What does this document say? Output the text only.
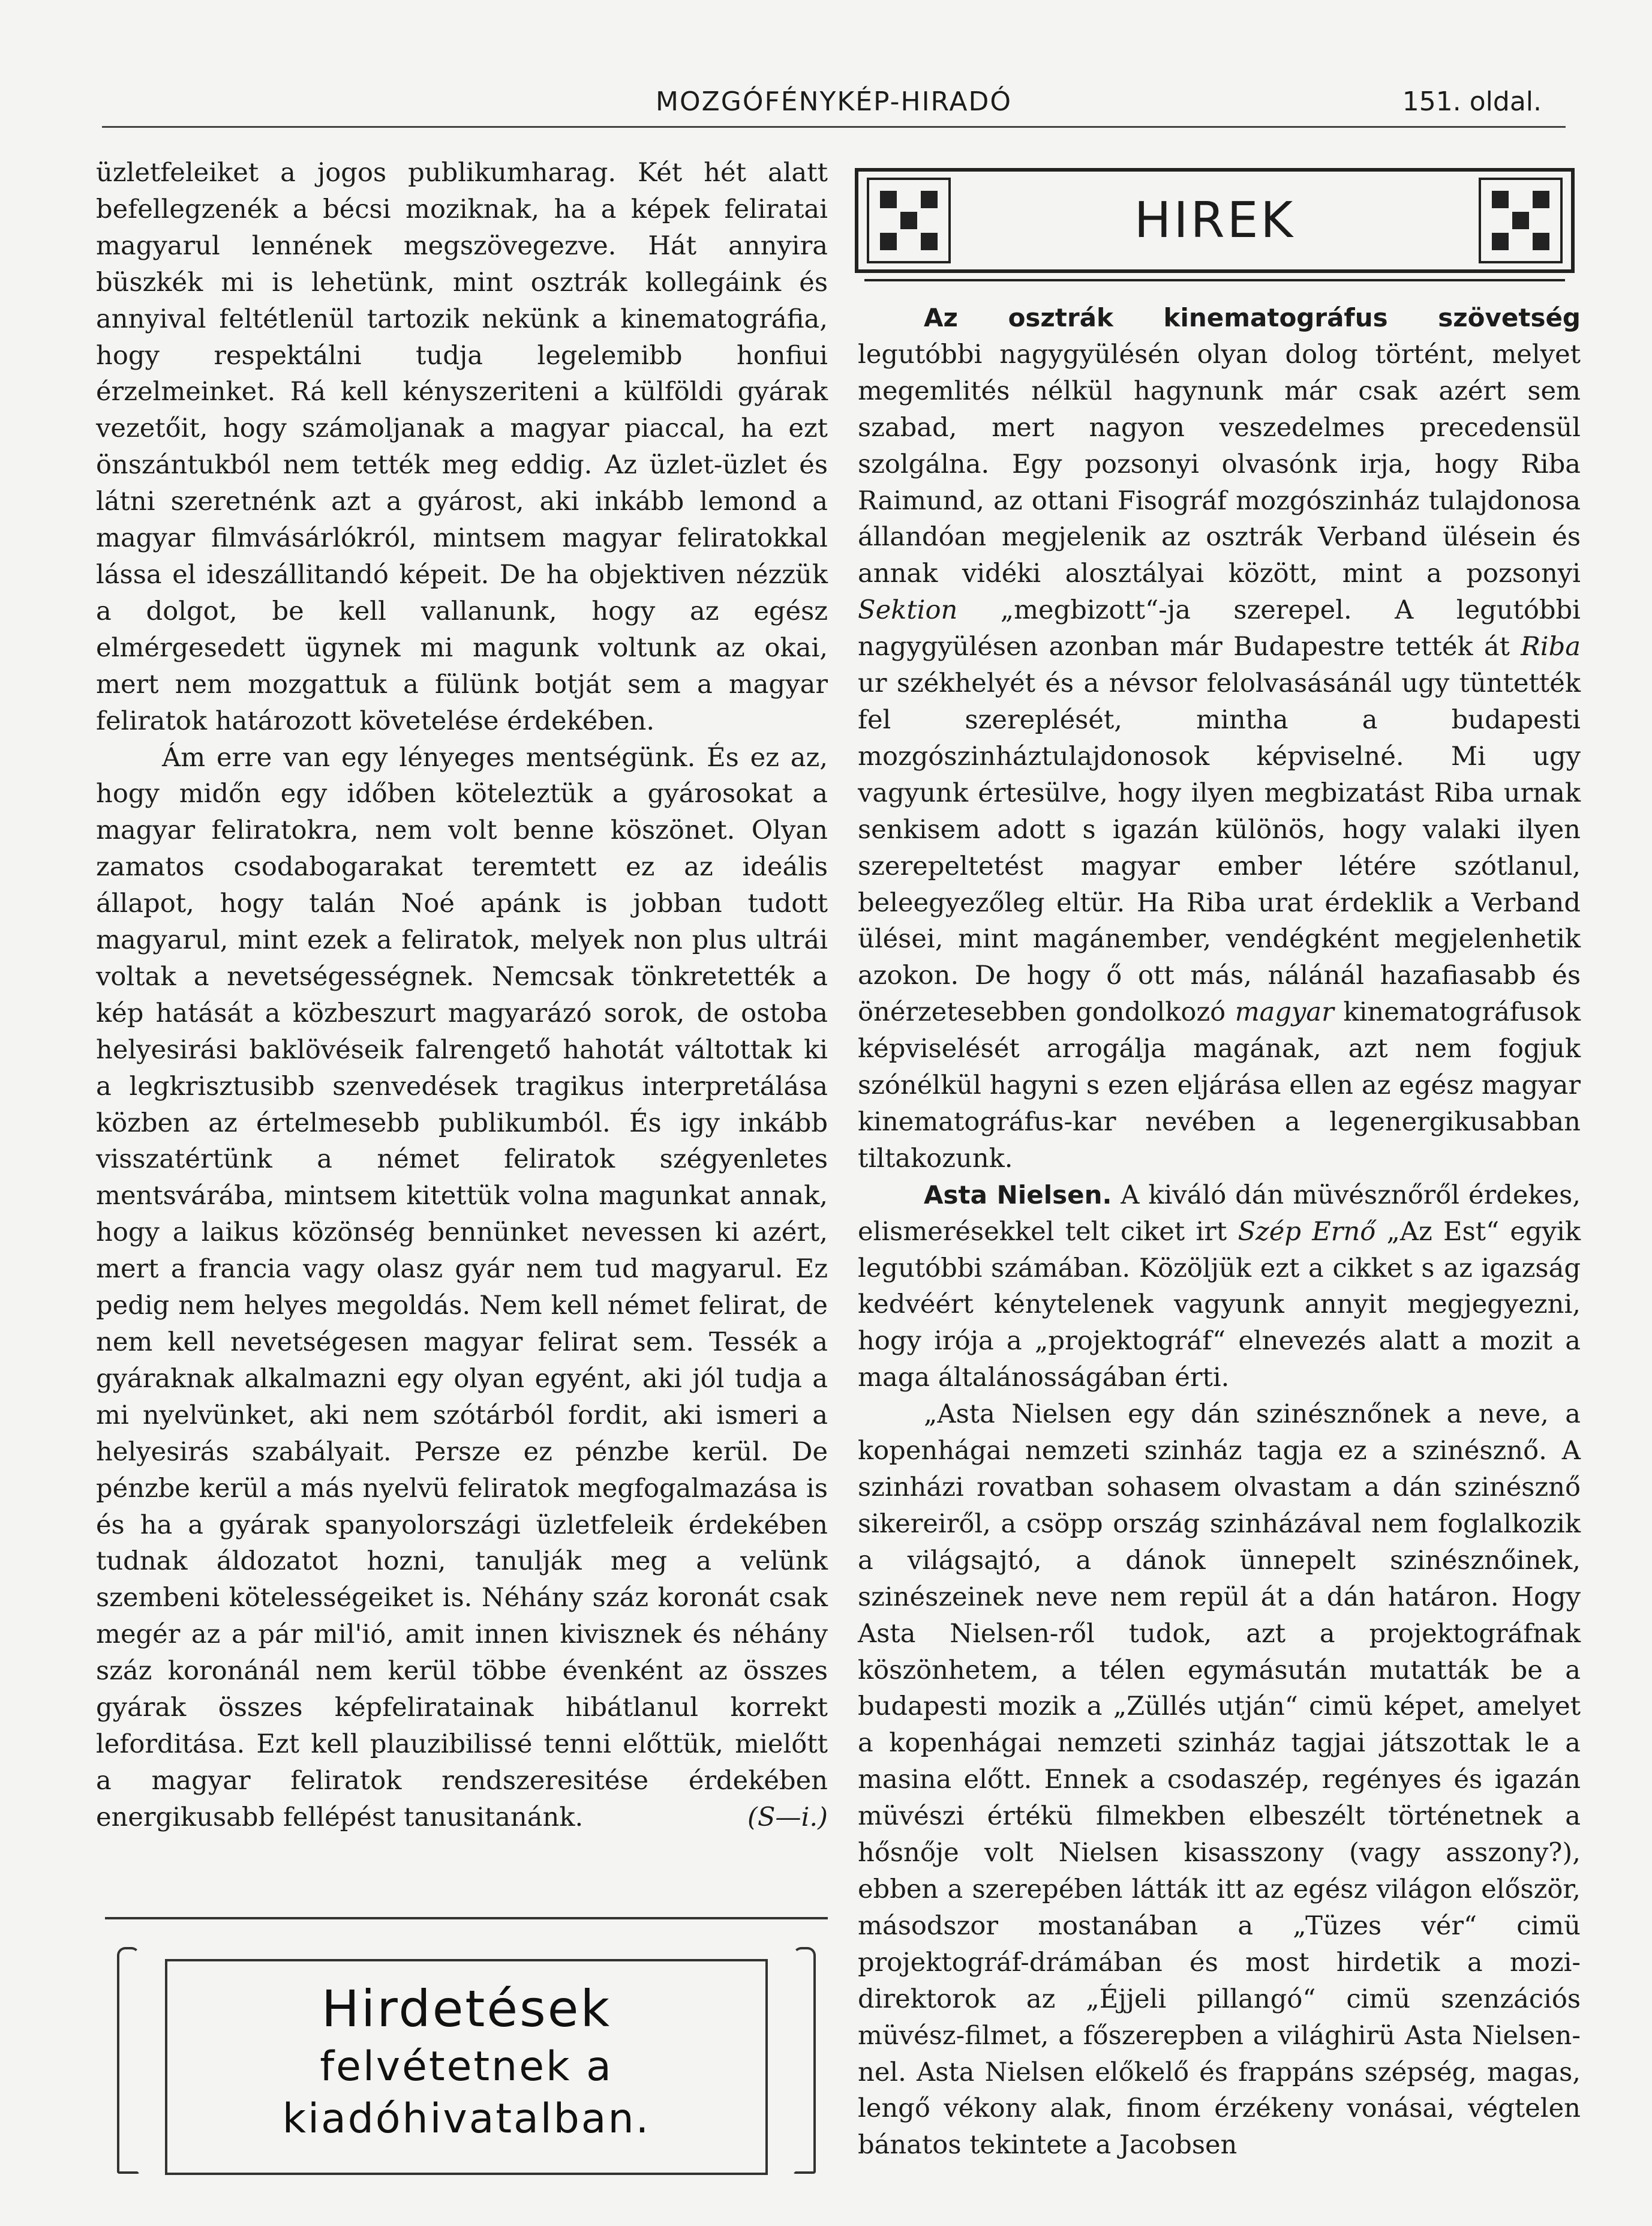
MOZGÓFÉNYKÉP-HIRADÓ	151. oldal.

üzletfeleiket a jogos publikumharag. Két hét alatt befellegzenék a bécsi moziknak, ha a képek feliratai magyarul lennének megszövegezve. Hát annyira büszkék mi is lehetünk, mint osztrák kollegáink és annyival feltétlenül tartozik nekünk a kinematográfia, hogy respektálni tudja legelemibb honfiui érzelmeinket. Rá kell kényszeriteni a külföldi gyárak vezetőit, hogy számoljanak a magyar piaccal, ha ezt önszántukból nem tették meg eddig. Az üzlet-üzlet és látni szeretnénk azt a gyárost, aki inkább lemond a magyar filmvásárlókról, mintsem magyar feliratokkal lássa el ideszállitandó képeit. De ha objektiven nézzük a dolgot, be kell vallanunk, hogy az egész elmérgesedett ügynek mi magunk voltunk az okai, mert nem mozgattuk a fülünk botját sem a magyar feliratok határozott követelése érdekében.

Ám erre van egy lényeges mentségünk. És ez az, hogy midőn egy időben köteleztük a gyárosokat a magyar feliratokra, nem volt benne köszönet. Olyan zamatos csodabogarakat teremtett ez az ideális állapot, hogy talán Noé apánk is jobban tudott magyarul, mint ezek a feliratok, melyek non plus ultrái voltak a nevetségességnek. Nemcsak tönkretették a kép hatását a közbeszurt magyarázó sorok, de ostoba helyesirási baklövéseik falrengető hahotát váltottak ki a legkrisztusibb szenvedések tragikus interpretálása közben az értelmesebb publikumból. És igy inkább visszatértünk a német feliratok szégyenletes mentsvárába, mintsem kitettük volna magunkat annak, hogy a laikus közönség bennünket nevessen ki azért, mert a francia vagy olasz gyár nem tud magyarul. Ez pedig nem helyes megoldás. Nem kell német felirat, de nem kell nevetségesen magyar felirat sem. Tessék a gyáraknak alkalmazni egy olyan egyént, aki jól tudja a mi nyelvünket, aki nem szótárból fordit, aki ismeri a helyesirás szabályait. Persze ez pénzbe kerül. De pénzbe kerül a más nyelvü feliratok megfogalmazása is és ha a gyárak spanyolországi üzletfeleik érdekében tudnak áldozatot hozni, tanulják meg a velünk szembeni kötelességeiket is. Néhány száz koronát csak megér az a pár mil'ió, amit innen kivisznek és néhány száz koronánál nem kerül többe évenként az összes gyárak összes képfeliratainak hibátlanul korrekt leforditása. Ezt kell plauzibilissé tenni előttük, mielőtt a magyar feliratok rendszeresitése érdekében energikusabb fellépést tanusitanánk.	(S—i.)

HIREK

Az osztrák kinematográfus szövetség legutóbbi nagygyülésén olyan dolog történt, melyet megemlités nélkül hagynunk már csak azért sem szabad, mert nagyon veszedelmes precedensül szolgálna. Egy pozsonyi olvasónk irja, hogy Riba Raimund, az ottani Fisográf mozgószinház tulajdonosa állandóan megjelenik az osztrák Verband ülésein és annak vidéki alosztályai között, mint a pozsonyi Sektion „megbizott“-ja szerepel. A legutóbbi nagygyülésen azonban már Budapestre tették át Riba ur székhelyét és a névsor felolvasásánál ugy tüntették fel szereplését, mintha a budapesti mozgószinháztulajdonosok képviselné. Mi ugy vagyunk értesülve, hogy ilyen megbizatást Riba urnak senkisem adott s igazán különös, hogy valaki ilyen szerepeltetést magyar ember létére szótlanul, beleegyezőleg eltür. Ha Riba urat érdeklik a Verband ülései, mint magánember, vendégként megjelenhetik azokon. De hogy ő ott más, nálánál hazafiasabb és önérzetesebben gondolkozó magyar kinematográfusok képviselését arrogálja magának, azt nem fogjuk szónélkül hagyni s ezen eljárása ellen az egész magyar kinematográfus-kar nevében a legenergikusabban tiltakozunk.

Asta Nielsen. A kiváló dán müvésznőről érdekes, elismerésekkel telt ciket irt Szép Ernő „Az Est“ egyik legutóbbi számában. Közöljük ezt a cikket s az igazság kedvéért kénytelenek vagyunk annyit megjegyezni, hogy irója a „projektográf“ elnevezés alatt a mozit a maga általánosságában érti.

„Asta Nielsen egy dán szinésznőnek a neve, a kopenhágai nemzeti szinház tagja ez a szinésznő. A szinházi rovatban sohasem olvastam a dán szinésznő sikereiről, a csöpp ország szinházával nem foglalkozik a világsajtó, a dánok ünnepelt szinésznőinek, szinészeinek neve nem repül át a dán határon. Hogy Asta Nielsen-ről tudok, azt a projektográfnak köszönhetem, a télen egymásután mutatták be a budapesti mozik a „Züllés utján“ cimü képet, amelyet a kopenhágai nemzeti szinház tagjai játszottak le a masina előtt. Ennek a csodaszép, regényes és igazán müvészi értékü filmekben elbeszélt történetnek a hősnője volt Nielsen kisasszony (vagy asszony?), ebben a szerepében látták itt az egész világon először, másodszor mostanában a „Tüzes vér“ cimü projektográf-drámában és most hirdetik a mozi-direktorok az „Éjjeli pillangó“ cimü szenzációs müvész-filmet, a főszerepben a világhirü Asta Nielsen-nel. Asta Nielsen előkelő és frappáns szépség, magas, lengő vékony alak, finom érzékeny vonásai, végtelen bánatos tekintete a Jacobsen

Hirdetések
felvétetnek a
kiadóhivatalban.
